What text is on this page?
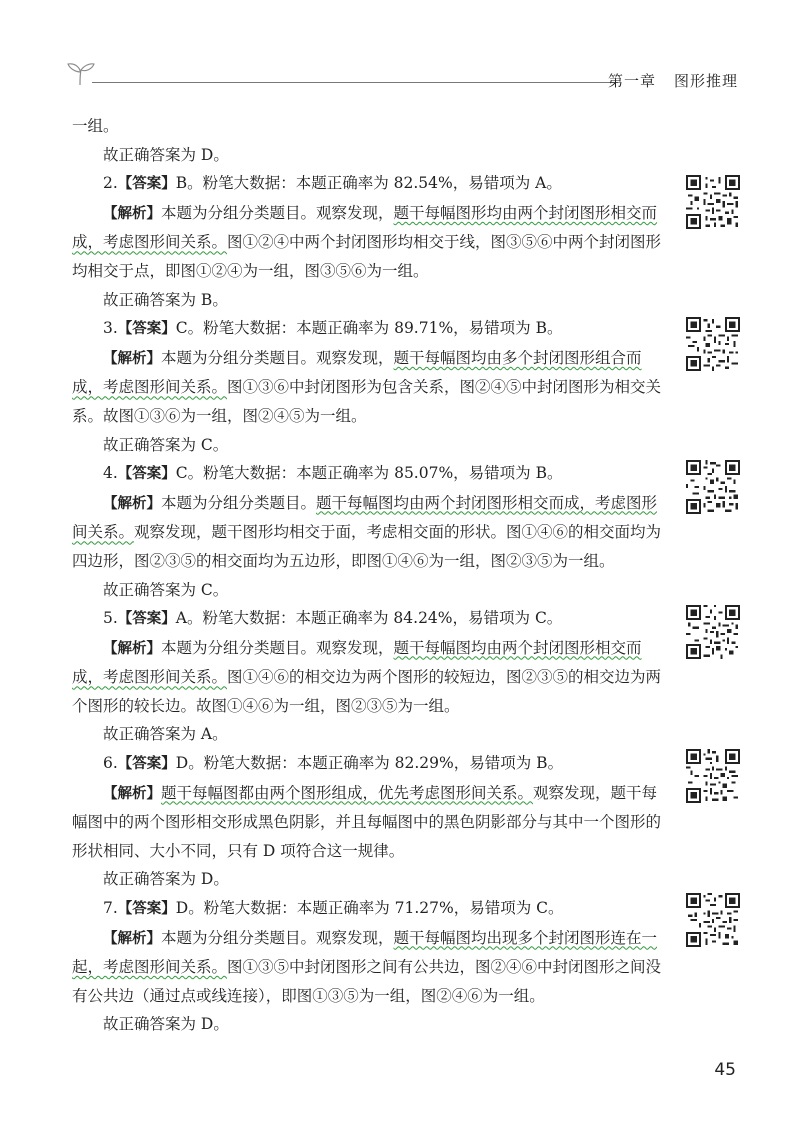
第一章 图形推理

一组。

故正确答案为 D。

2.【答案】B。粉笔大数据：本题正确率为 82.54%，易错项为 A。

【解析】本题为分组分类题目。观察发现，题干每幅图形均由两个封闭图形相交而成，考虑图形间关系。图①②④中两个封闭图形均相交于线，图③⑤⑥中两个封闭图形均相交于点，即图①②④为一组，图③⑤⑥为一组。

故正确答案为 B。

3.【答案】C。粉笔大数据：本题正确率为 89.71%，易错项为 B。

【解析】本题为分组分类题目。观察发现，题干每幅图均由多个封闭图形组合而成，考虑图形间关系。图①③⑥中封闭图形为包含关系，图②④⑤中封闭图形为相交关系。故图①③⑥为一组，图②④⑤为一组。

故正确答案为 C。

4.【答案】C。粉笔大数据：本题正确率为 85.07%，易错项为 B。

【解析】本题为分组分类题目。题干每幅图均由两个封闭图形相交而成，考虑图形间关系。观察发现，题干图形均相交于面，考虑相交面的形状。图①④⑥的相交面均为四边形，图②③⑤的相交面均为五边形，即图①④⑥为一组，图②③⑤为一组。

故正确答案为 C。

5.【答案】A。粉笔大数据：本题正确率为 84.24%，易错项为 C。

【解析】本题为分组分类题目。观察发现，题干每幅图均由两个封闭图形相交而成，考虑图形间关系。图①④⑥的相交边为两个图形的较短边，图②③⑤的相交边为两个图形的较长边。故图①④⑥为一组，图②③⑤为一组。

故正确答案为 A。

6.【答案】D。粉笔大数据：本题正确率为 82.29%，易错项为 B。

【解析】题干每幅图都由两个图形组成，优先考虑图形间关系。观察发现，题干每幅图中的两个图形相交形成黑色阴影，并且每幅图中的黑色阴影部分与其中一个图形的形状相同、大小不同，只有 D 项符合这一规律。

故正确答案为 D。

7.【答案】D。粉笔大数据：本题正确率为 71.27%，易错项为 C。

【解析】本题为分组分类题目。观察发现，题干每幅图均出现多个封闭图形连在一起，考虑图形间关系。图①③⑤中封闭图形之间有公共边，图②④⑥中封闭图形之间没有公共边（通过点或线连接），即图①③⑤为一组，图②④⑥为一组。

故正确答案为 D。

45
